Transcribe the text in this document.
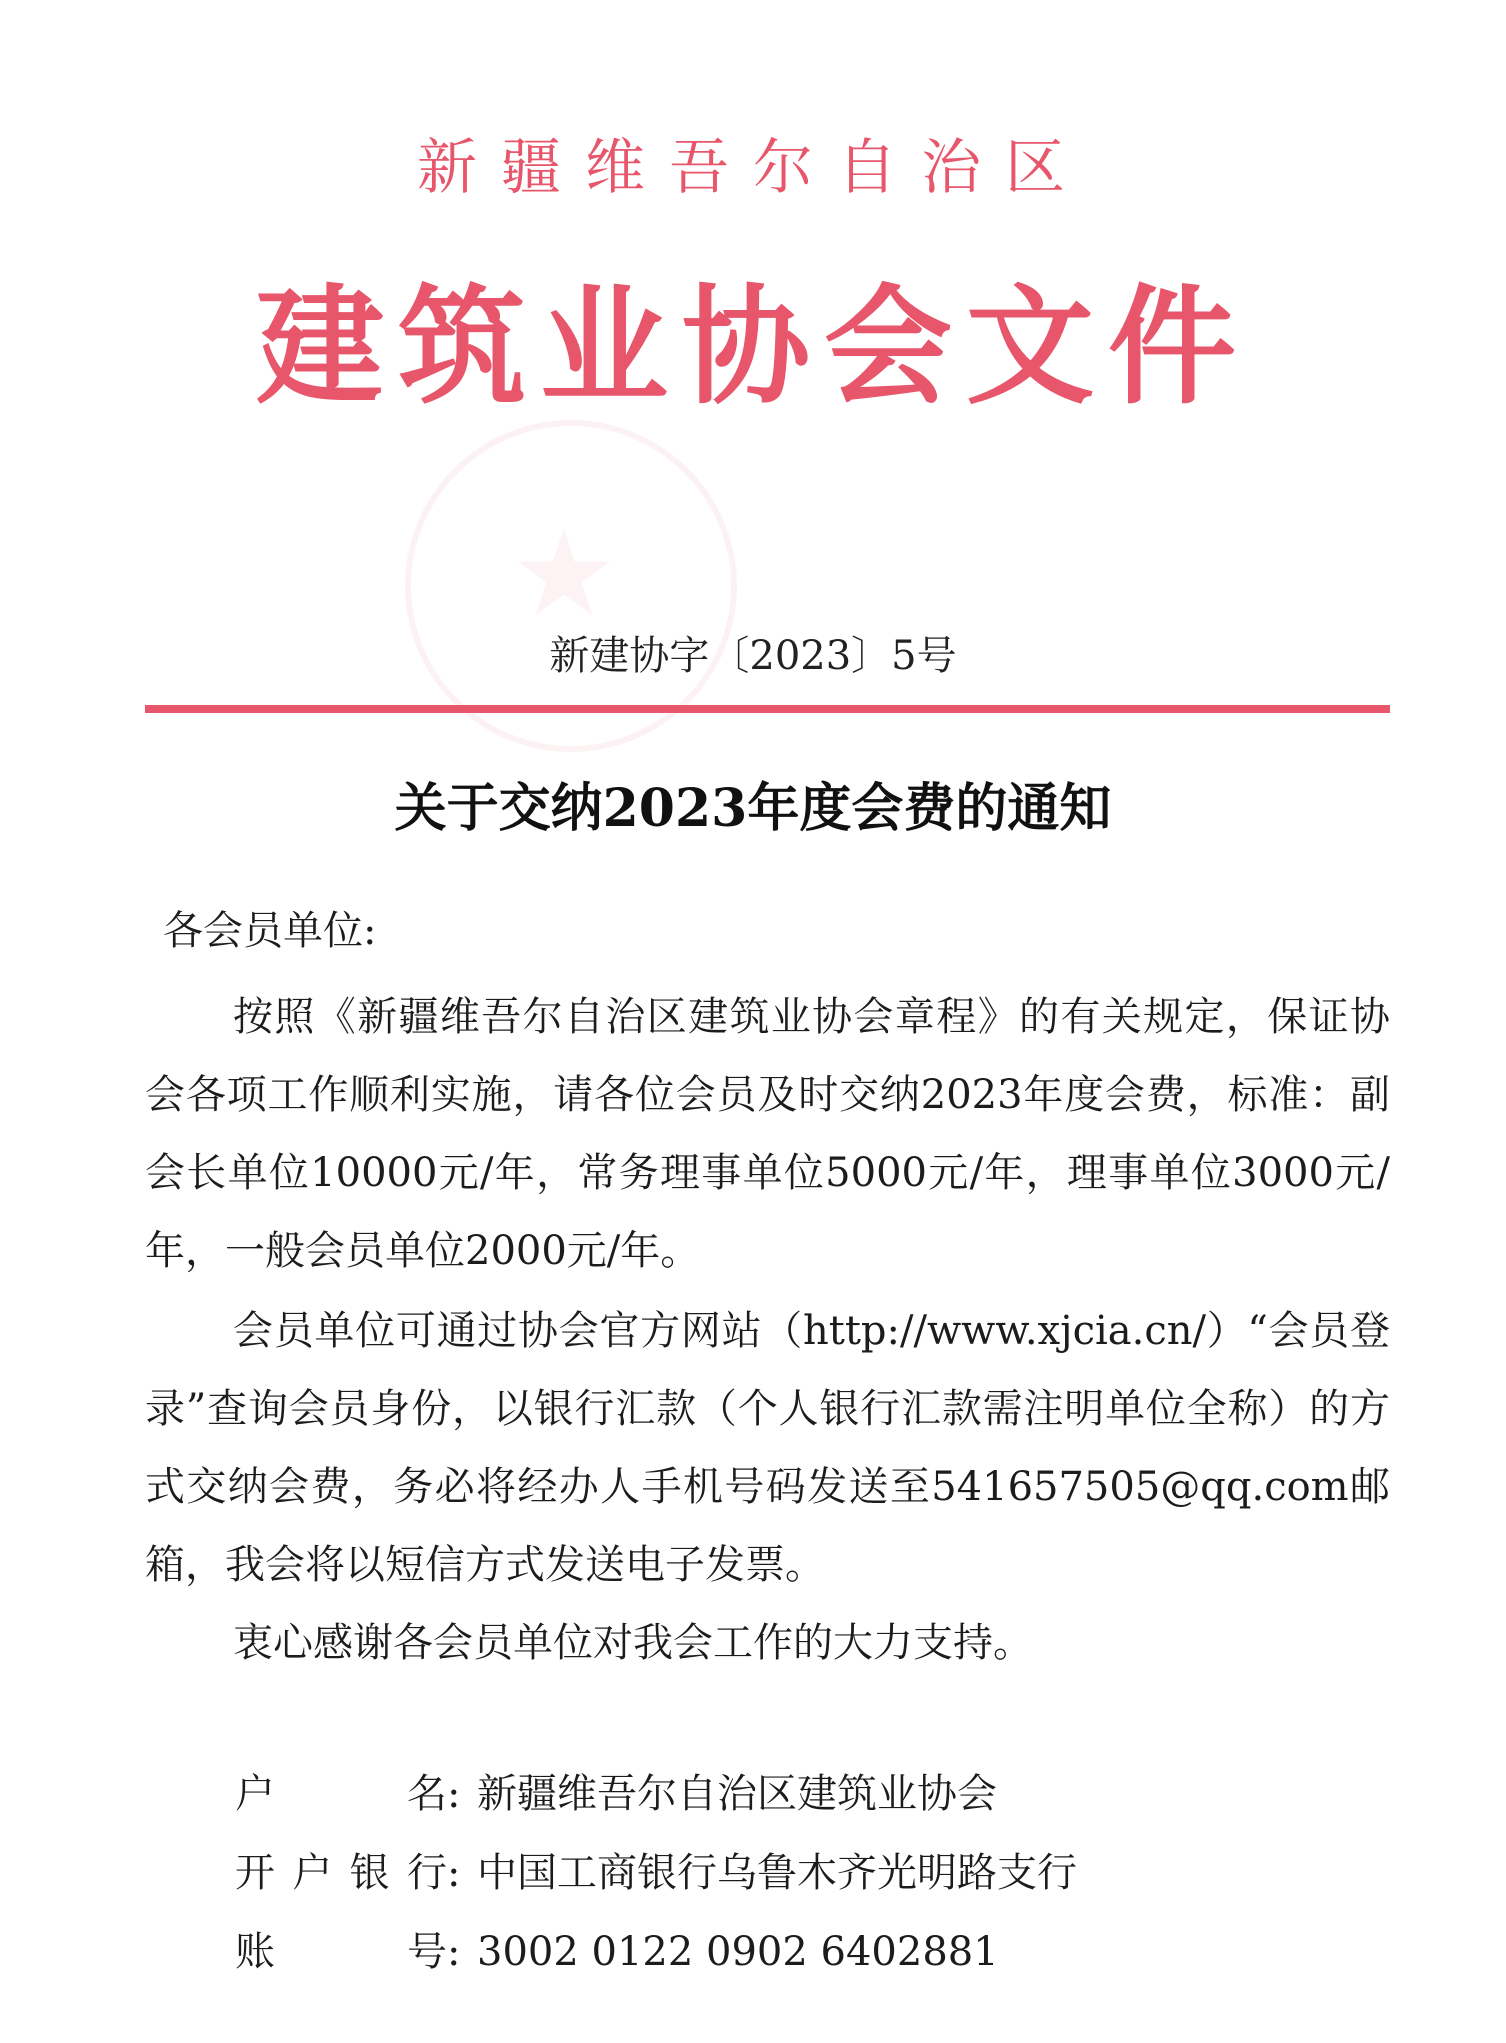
★
新疆维吾尔自治区
建筑业协会文件
新建协字〔2023〕5号
关于交纳2023年度会费的通知
各会员单位:

按照《新疆维吾尔自治区建筑业协会章程》的有关规定，保证协会各项工作顺利实施，请各位会员及时交纳2023年度会费，标准：副会长单位10000元/年，常务理事单位5000元/年，理事单位3000元/年，一般会员单位2000元/年。

会员单位可通过协会官方网站（http://www.xjcia.cn/）“会员登录”查询会员身份，以银行汇款（个人银行汇款需注明单位全称）的方式交纳会费，务必将经办人手机号码发送至541657505@qq.com邮箱，我会将以短信方式发送电子发票。

衷心感谢各会员单位对我会工作的大力支持。

户名: 新疆维吾尔自治区建筑业协会
开户银行: 中国工商银行乌鲁木齐光明路支行
账号: 3002 0122 0902 6402881
